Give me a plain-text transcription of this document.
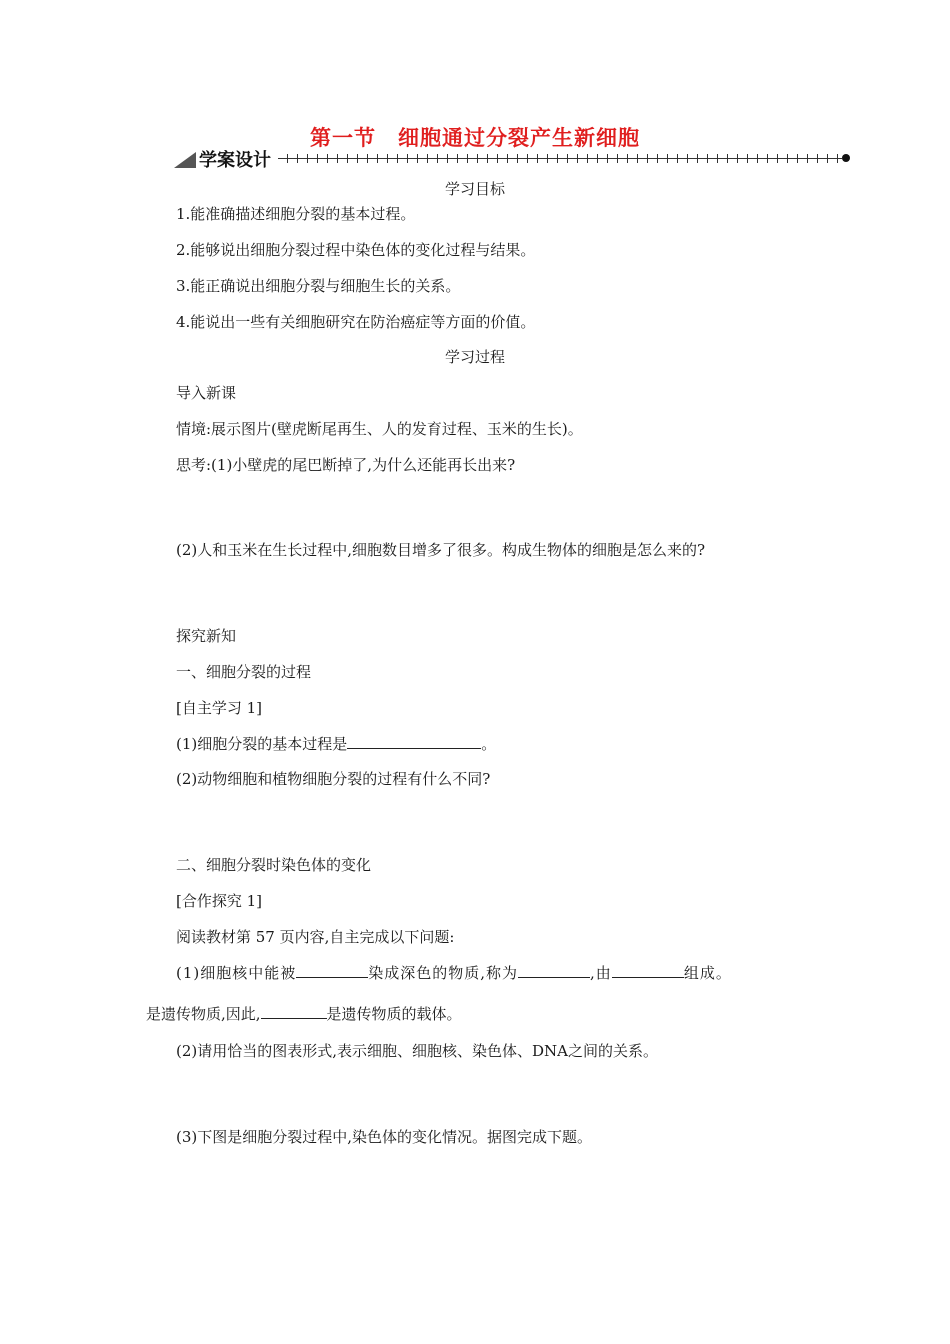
第一节　细胞通过分裂产生新细胞
学案设计
学习目标
1.能准确描述细胞分裂的基本过程。
2.能够说出细胞分裂过程中染色体的变化过程与结果。
3.能正确说出细胞分裂与细胞生长的关系。
4.能说出一些有关细胞研究在防治癌症等方面的价值。
学习过程
导入新课
情境:展示图片(壁虎断尾再生、人的发育过程、玉米的生长)。
思考:(1)小壁虎的尾巴断掉了,为什么还能再长出来?
(2)人和玉米在生长过程中,细胞数目增多了很多。构成生物体的细胞是怎么来的?
探究新知
一、细胞分裂的过程
[自主学习 1]
(1)细胞分裂的基本过程是	。
(2)动物细胞和植物细胞分裂的过程有什么不同?
二、细胞分裂时染色体的变化
[合作探究 1]
阅读教材第 57 页内容,自主完成以下问题:
(1)细胞核中能被	染成深色的物质,称为	,由	组成。
是遗传物质,因此,	是遗传物质的载体。
(2)请用恰当的图表形式,表示细胞、细胞核、染色体、DNA之间的关系。
(3)下图是细胞分裂过程中,染色体的变化情况。据图完成下题。
